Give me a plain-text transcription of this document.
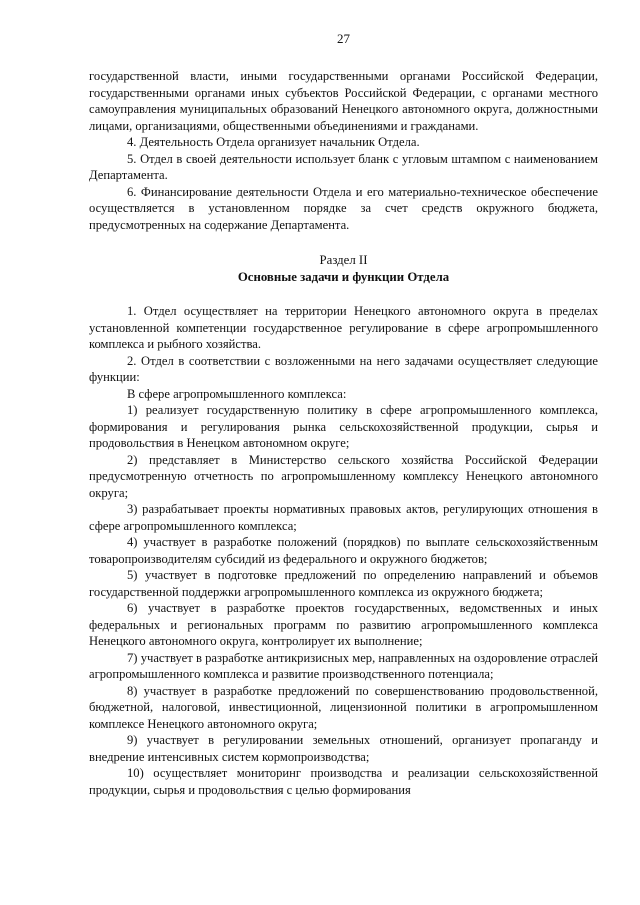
27

государственной власти, иными государственными органами Российской Федерации, государственными органами иных субъектов Российской Федерации, с органами местного самоуправления муниципальных образований Ненецкого автономного округа, должностными лицами, организациями, общественными объединениями и гражданами.

4. Деятельность Отдела организует начальник Отдела.

5. Отдел в своей деятельности использует бланк с угловым штампом с наименованием Департамента.

6. Финансирование деятельности Отдела и его материально-техническое обеспечение осуществляется в установленном порядке за счет средств окружного бюджета, предусмотренных на содержание Департамента.

Раздел II
Основные задачи и функции Отдела

1. Отдел осуществляет на территории Ненецкого автономного округа в пределах установленной компетенции государственное регулирование в сфере агропромышленного комплекса и рыбного хозяйства.

2. Отдел в соответствии с возложенными на него задачами осуществляет следующие функции:

В сфере агропромышленного комплекса:

1) реализует государственную политику в сфере агропромышленного комплекса, формирования и регулирования рынка сельскохозяйственной продукции, сырья и продовольствия в Ненецком автономном округе;

2) представляет в Министерство сельского хозяйства Российской Федерации предусмотренную отчетность по агропромышленному комплексу Ненецкого автономного округа;

3) разрабатывает проекты нормативных правовых актов, регулирующих отношения в сфере агропромышленного комплекса;

4) участвует в разработке положений (порядков) по выплате сельскохозяйственным товаропроизводителям субсидий из федерального и окружного бюджетов;

5) участвует в подготовке предложений по определению направлений и объемов государственной поддержки агропромышленного комплекса из окружного бюджета;

6) участвует в разработке проектов государственных, ведомственных и иных федеральных и региональных программ по развитию агропромышленного комплекса Ненецкого автономного округа, контролирует их выполнение;

7) участвует в разработке антикризисных мер, направленных на оздоровление отраслей агропромышленного комплекса и развитие производственного потенциала;

8) участвует в разработке предложений по совершенствованию продовольственной, бюджетной, налоговой, инвестиционной, лицензионной политики в агропромышленном комплексе Ненецкого автономного округа;

9) участвует в регулировании земельных отношений, организует пропаганду и внедрение интенсивных систем кормопроизводства;

10) осуществляет мониторинг производства и реализации сельскохозяйственной продукции, сырья и продовольствия с целью формирования
